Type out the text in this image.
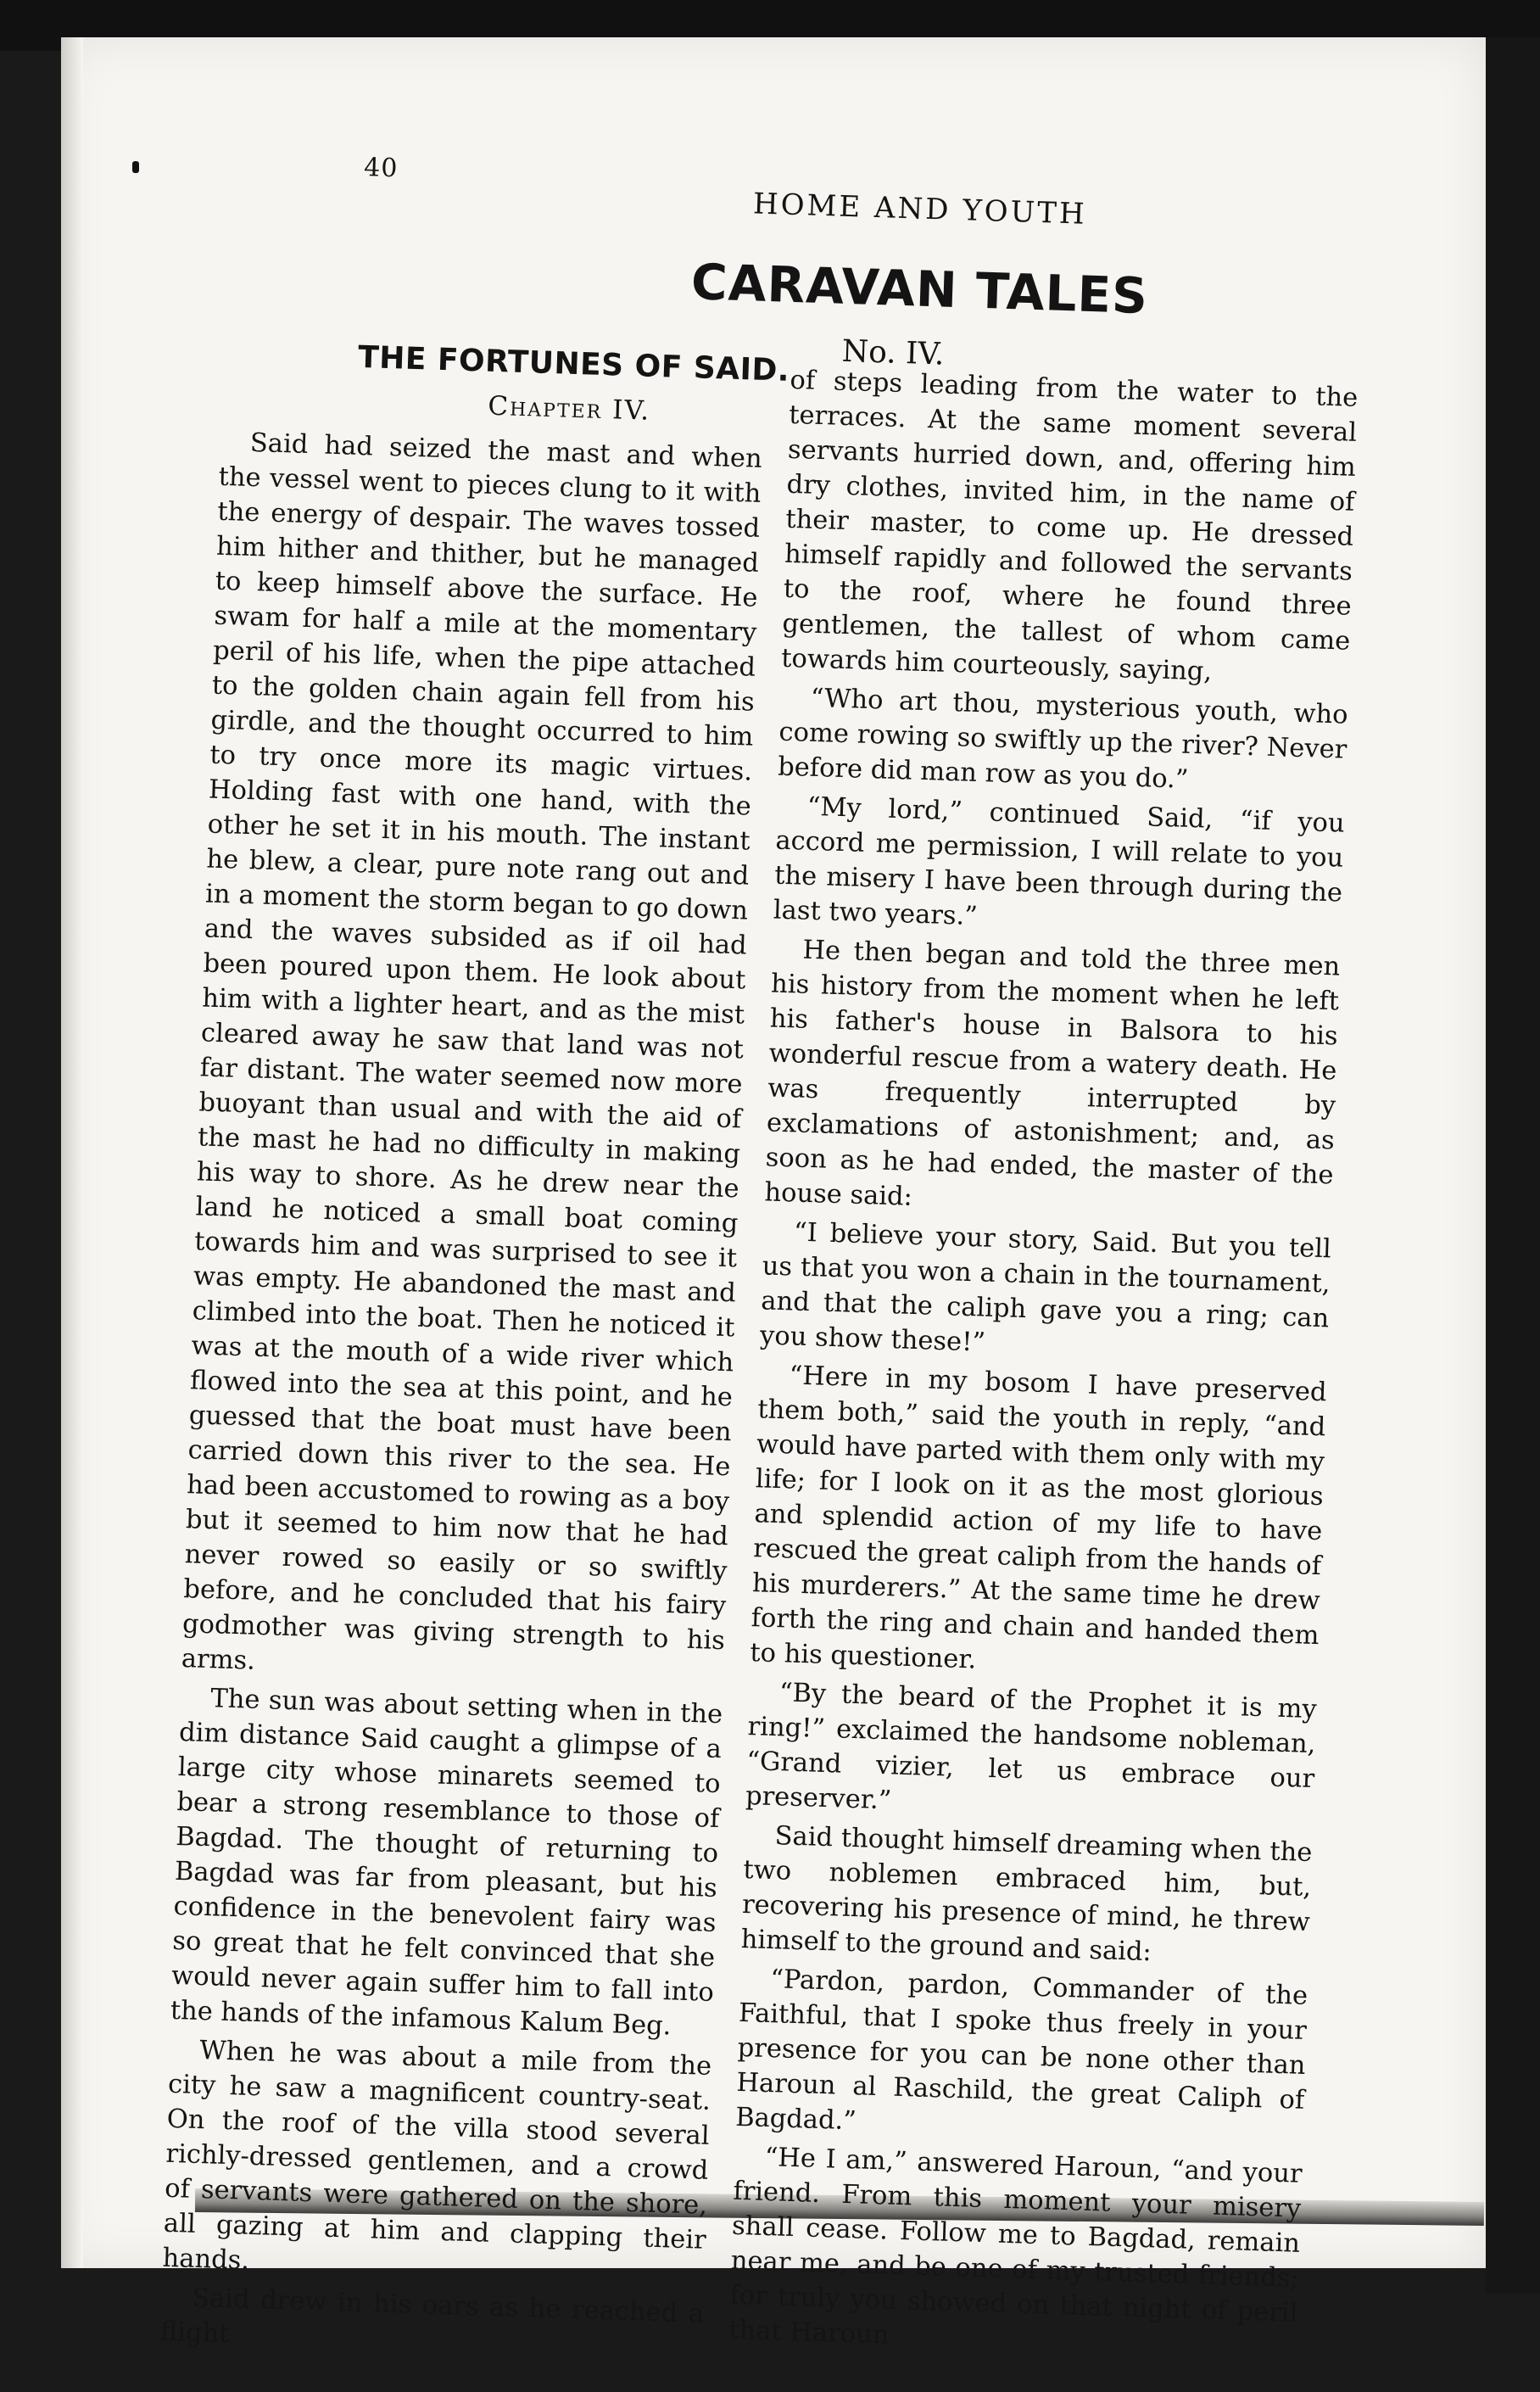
40
HOME AND YOUTH
CARAVAN TALES
No. IV.
THE FORTUNES OF SAID.
Chapter IV.

Said had seized the mast and when the vessel went to pieces clung to it with the energy of despair. The waves tossed him hither and thither, but he managed to keep himself above the surface. He swam for half a mile at the momentary peril of his life, when the pipe attached to the golden chain again fell from his girdle, and the thought occurred to him to try once more its magic virtues. Holding fast with one hand, with the other he set it in his mouth. The instant he blew, a clear, pure note rang out and in a moment the storm began to go down and the waves subsided as if oil had been poured upon them. He look about him with a lighter heart, and as the mist cleared away he saw that land was not far distant. The water seemed now more buoyant than usual and with the aid of the mast he had no difficulty in making his way to shore. As he drew near the land he noticed a small boat coming towards him and was surprised to see it was empty. He abandoned the mast and climbed into the boat. Then he noticed it was at the mouth of a wide river which flowed into the sea at this point, and he guessed that the boat must have been carried down this river to the sea. He had been accustomed to rowing as a boy but it seemed to him now that he had never rowed so easily or so swiftly before, and he concluded that his fairy godmother was giving strength to his arms.

The sun was about setting when in the dim distance Said caught a glimpse of a large city whose minarets seemed to bear a strong resemblance to those of Bagdad. The thought of returning to Bagdad was far from pleasant, but his confidence in the benevolent fairy was so great that he felt convinced that she would never again suffer him to fall into the hands of the infamous Kalum Beg.

When he was about a mile from the city he saw a magnificent country-seat. On the roof of the villa stood several richly-dressed gentlemen, and a crowd of servants were gathered on the shore, all gazing at him and clapping their hands.

Said drew in his oars as he reached a flight

of steps leading from the water to the terraces. At the same moment several servants hurried down, and, offering him dry clothes, invited him, in the name of their master, to come up. He dressed himself rapidly and followed the servants to the roof, where he found three gentlemen, the tallest of whom came towards him courteously, saying,

“Who art thou, mysterious youth, who come rowing so swiftly up the river? Never before did man row as you do.”

“My lord,” continued Said, “if you accord me permission, I will relate to you the misery I have been through during the last two years.”

He then began and told the three men his history from the moment when he left his father's house in Balsora to his wonderful rescue from a watery death. He was frequently interrupted by exclamations of astonishment; and, as soon as he had ended, the master of the house said:

“I believe your story, Said. But you tell us that you won a chain in the tournament, and that the caliph gave you a ring; can you show these!”

“Here in my bosom I have preserved them both,” said the youth in reply, “and would have parted with them only with my life; for I look on it as the most glorious and splendid action of my life to have rescued the great caliph from the hands of his murderers.” At the same time he drew forth the ring and chain and handed them to his questioner.

“By the beard of the Prophet it is my ring!” exclaimed the handsome nobleman, “Grand vizier, let us embrace our preserver.”

Said thought himself dreaming when the two noblemen embraced him, but, recovering his presence of mind, he threw himself to the ground and said:

“Pardon, pardon, Commander of the Faithful, that I spoke thus freely in your presence for you can be none other than Haroun al Raschild, the great Caliph of Bagdad.”

“He I am,” answered Haroun, “and your friend. From this moment your misery shall cease. Follow me to Bagdad, remain near me, and be one of my trusted friends; for truly you showed on that night of peril that Haroun
